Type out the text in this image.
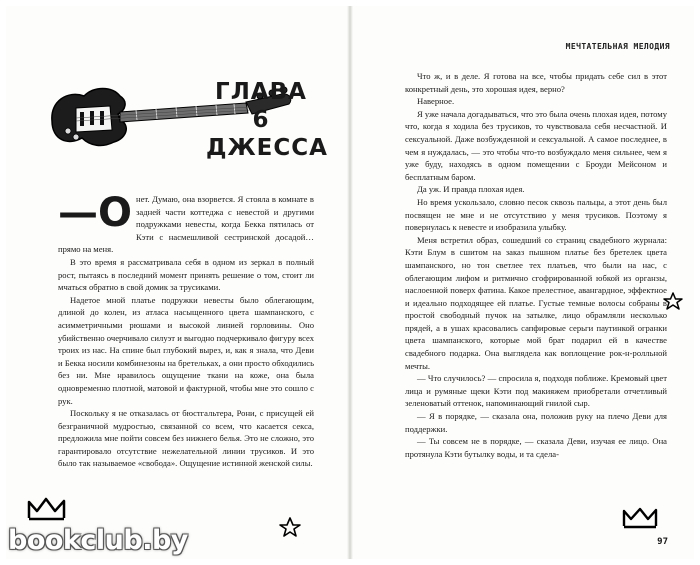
ГЛАВА 6
ДЖЕССА

—О нет. Думаю, она взорвется. Я стояла в комнате в задней части коттеджа с невестой и другими подружками невесты, когда Бекка пятилась от Кэти с насмешливой сестринской досадой… прямо на меня.

В это время я рассматривала себя в одном из зеркал в полный рост, пытаясь в последний момент принять решение о том, стоит ли мчаться обратно в свой домик за трусиками.

Надетое мной платье подружки невесты было облегающим, длиной до колен, из атласа насыщенного цвета шампанского, с асимметричными рюшами и высокой линией горловины. Оно убийственно очерчивало силуэт и выгодно подчеркивало фигуру всех троих из нас. На спине был глубокий вырез, и, как я знала, что Деви и Бекка носили комбинезоны на бретельках, а они просто обходились без ни. Мне нравилось ощущение ткани на коже, она была одновременно плотной, матовой и фактурной, чтобы мне это сошло с рук.

Поскольку я не отказалась от бюстгальтера, Рони, с присущей ей безграничной мудростью, связанной со всем, что касается секса, предложила мне пойти совсем без нижнего белья. Это не сложно, это гарантировало отсутствие нежелательной линии трусиков. И это было так называемое «свобода». Ощущение истинной женской силы.

МЕЧТАТЕЛЬНАЯ МЕЛОДИЯ

Что ж, и в деле. Я готова на все, чтобы придать себе сил в этот конкретный день, это хорошая идея, верно?

Наверное.

Я уже начала догадываться, что это была очень плохая идея, потому что, когда я ходила без трусиков, то чувствовала себя несчастной. И сексуальной. Даже возбужденной и сексуальной. А самое последнее, в чем я нуждалась, — это чтобы что-то возбуждало меня сильнее, чем я уже буду, находясь в одном помещении с Броуди Мейсоном и бесплатным баром.

Да уж. И правда плохая идея.

Но время ускользало, словно песок сквозь пальцы, а этот день был посвящен не мне и не отсутствию у меня трусиков. Поэтому я повернулась к невесте и изобразила улыбку.

Меня встретил образ, сошедший со страниц свадебного журнала: Кэти Блум в сшитом на заказ пышном платье без бретелек цвета шампанского, но тон светлее тех платьев, что были на нас, с облегающим лифом и ритмично сгофрированной юбкой из органзы, наслоенной поверх фатина. Какое прелестное, авангардное, эффектное и идеально подходящее ей платье. Густые темные волосы собраны в простой свободный пучок на затылке, лицо обрамляли несколько прядей, а в ушах красовались сапфировые серьги паутинкой огранки цвета шампанского, которые мой брат подарил ей в качестве свадебного подарка. Она выглядела как воплощение рок-н-ролльной мечты.

— Что случилось? — спросила я, подходя поближе. Кремовый цвет лица и румяные щеки Кэти под макияжем приобретали отчетливый зеленоватый оттенок, напоминающий гнилой сыр.

— Я в порядке, — сказала она, положив руку на плечо Деви для поддержки.

— Ты совсем не в порядке, — сказала Деви, изучая ее лицо. Она протянула Кэти бутылку воды, и та сдела-

97
bookclub.by
